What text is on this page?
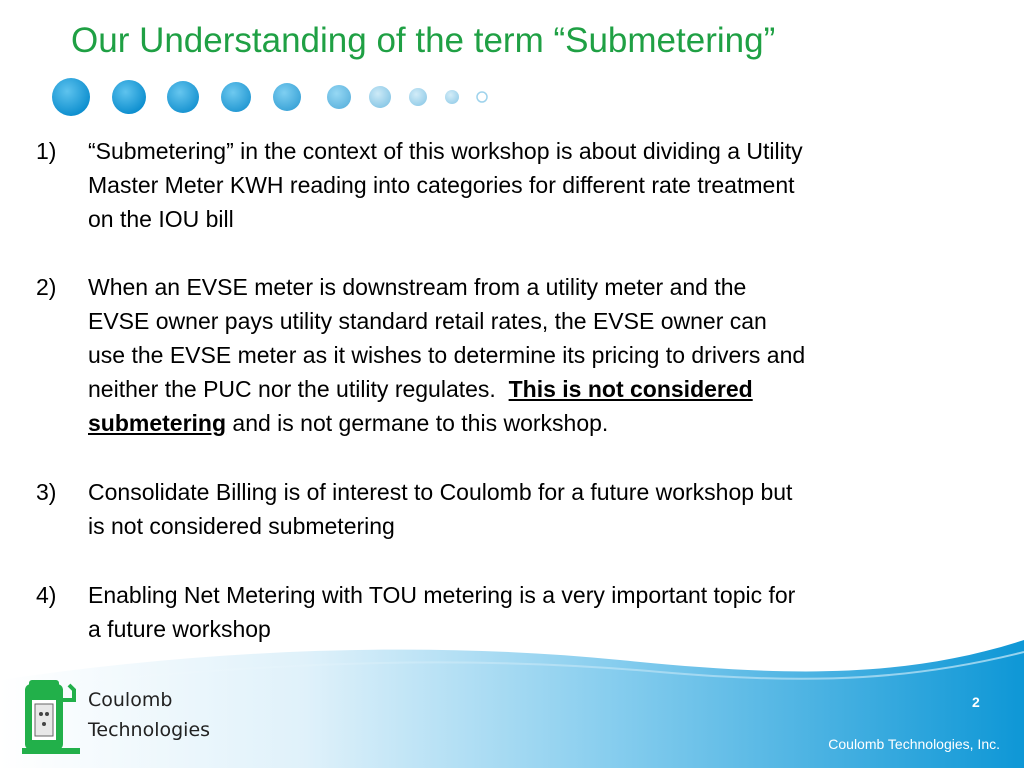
Our Understanding of the term “Submetering”
1) “Submetering” in the context of this workshop is about dividing a Utility
Master Meter KWH reading into categories for different rate treatment
on the IOU bill
2) When an EVSE meter is downstream from a utility meter and the
EVSE owner pays utility standard retail rates, the EVSE owner can
use the EVSE meter as it wishes to determine its pricing to drivers and
neither the PUC nor the utility regulates. This is not considered
submetering and is not germane to this workshop.
3) Consolidate Billing is of interest to Coulomb for a future workshop but
is not considered submetering
4) Enabling Net Metering with TOU metering is a very important topic for
a future workshop
Coulomb
Technologies
2
Coulomb Technologies, Inc.
